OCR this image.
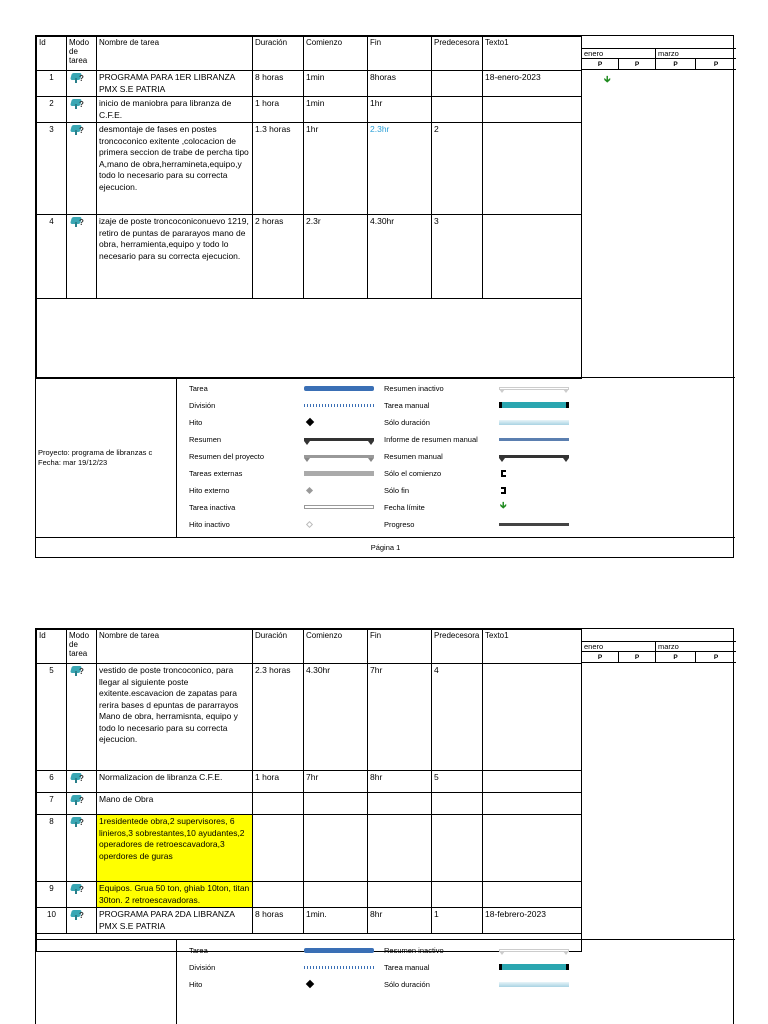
Id	Modo de tarea	Nombre de tarea	Duración	Comienzo	Fin	Predecesora	Texto1
1	?	PROGRAMA PARA 1ER LIBRANZA PMX S.E PATRIA	8 horas	1min	8horas		18-enero-2023
2	?	inicio de maniobra para libranza de C.F.E.	1 hora	1min	1hr		
3	?	desmontaje de fases en postes troncoconico exitente ,colocacion de primera seccion de trabe de percha tipo A,mano de obra,herramineta,equipo,y todo lo necesario para su correcta ejecucion.	1.3 horas	1hr	2.3hr	2	
4	?	izaje de poste troncoconiconuevo 1219, retiro de puntas de pararayos mano de obra, herramienta,equipo y todo lo necesario para su correcta ejecucion.	2 horas	2.3r	4.30hr	3	

enero	marzo
P	P	P	P
🡳
Proyecto: programa de libranzas c
Fecha: mar 19/12/23
Tarea	Resumen inactivo
División	Tarea manual
Hito	Sólo duración
Resumen	Informe de resumen manual
Resumen del proyecto	Resumen manual
Tareas externas	Sólo el comienzo
Hito externo	Sólo fin
Tarea inactiva	Fecha límite	🡳
Hito inactivo	Progreso
Página 1
Id	Modo de tarea	Nombre de tarea	Duración	Comienzo	Fin	Predecesora	Texto1
5	?	vestido de poste troncoconico, para llegar al siguiente poste exitente.escavacion de zapatas para rerira bases d epuntas de pararrayos Mano de obra, herramisnta, equipo y todo lo necesario para su correcta ejecucion.	2.3 horas	4.30hr	7hr	4	
6	?	Normalizacion de libranza C.F.E.	1 hora	7hr	8hr	5	
7	?	Mano de Obra					
8	?	1residentede obra,2 supervisores, 6 linieros,3 sobrestantes,10 ayudantes,2 operadores de retroescavadora,3 operdores de guras					
9	?	Equipos. Grua 50 ton, ghiab 10ton, titan 30ton. 2 retroescavadoras.					
10	?	PROGRAMA PARA 2DA LIBRANZA PMX S.E PATRIA	8 horas	1min.	8hr	1	18-febrero-2023

enero	marzo
P	P	P	P
Tarea	Resumen inactivo
División	Tarea manual
Hito	Sólo duración
